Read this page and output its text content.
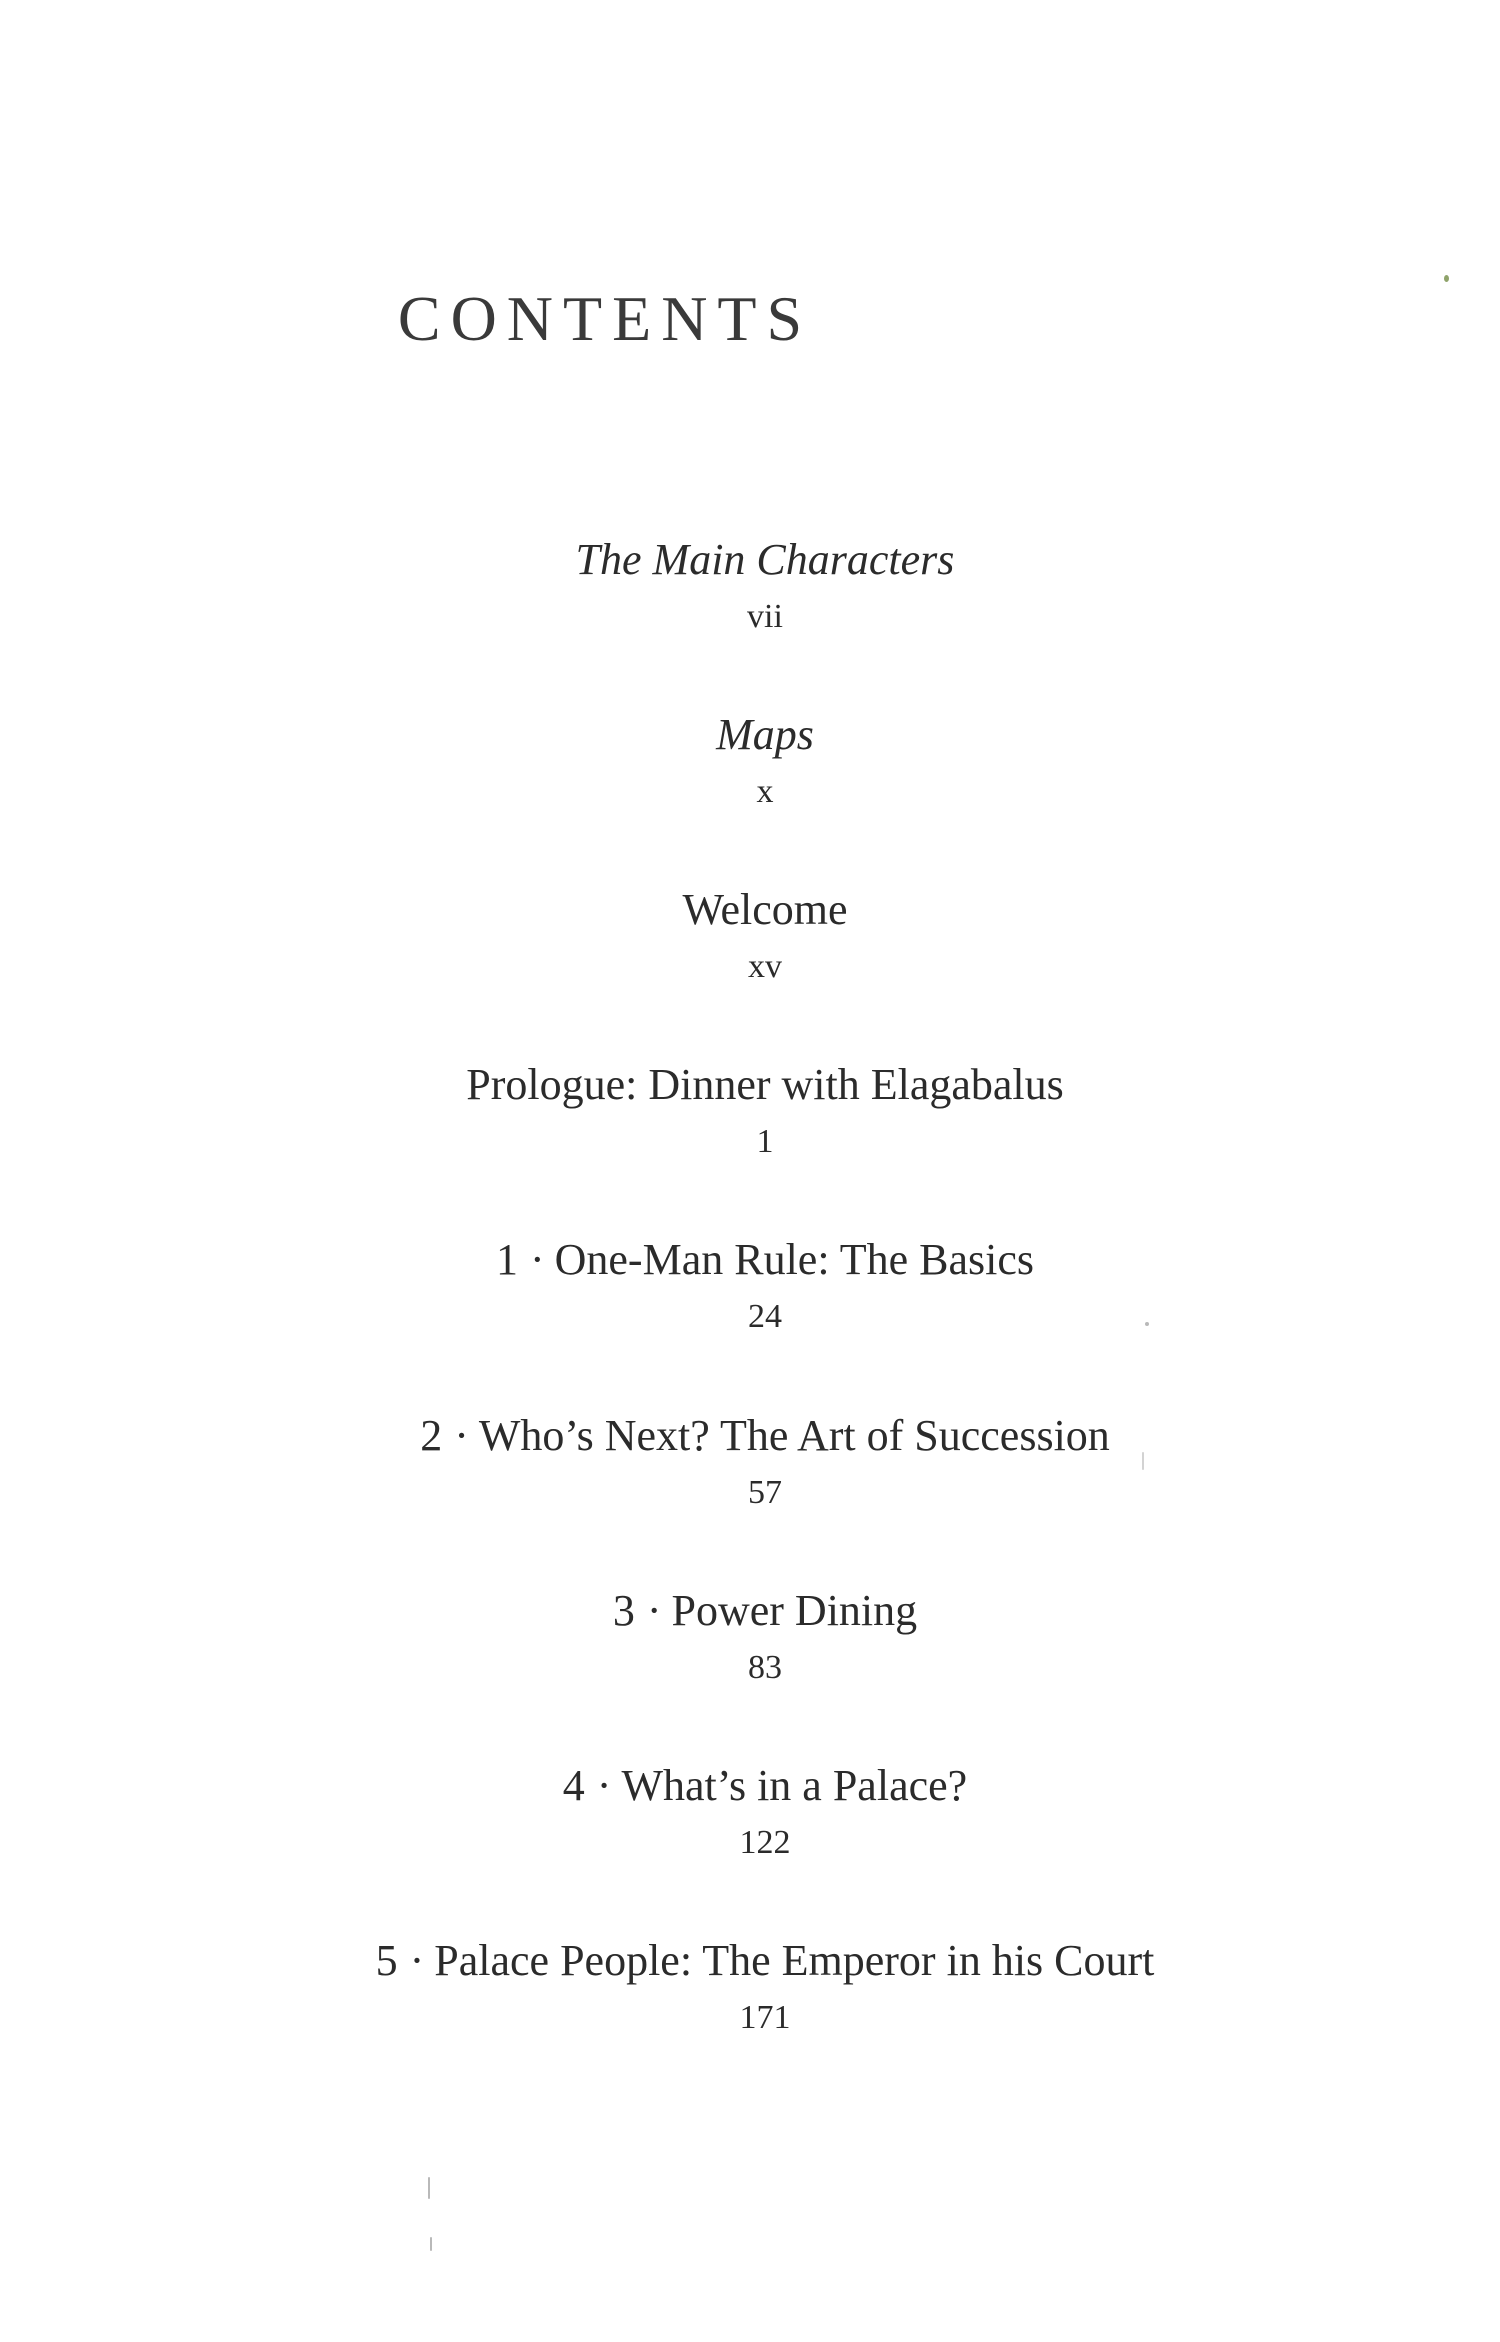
CONTENTS
The Main Characters
vii
Maps
x
Welcome
xv
Prologue: Dinner with Elagabalus
1
1 · One-Man Rule: The Basics
24
2 · Who’s Next? The Art of Succession
57
3 · Power Dining
83
4 · What’s in a Palace?
122
5 · Palace People: The Emperor in his Court
171
